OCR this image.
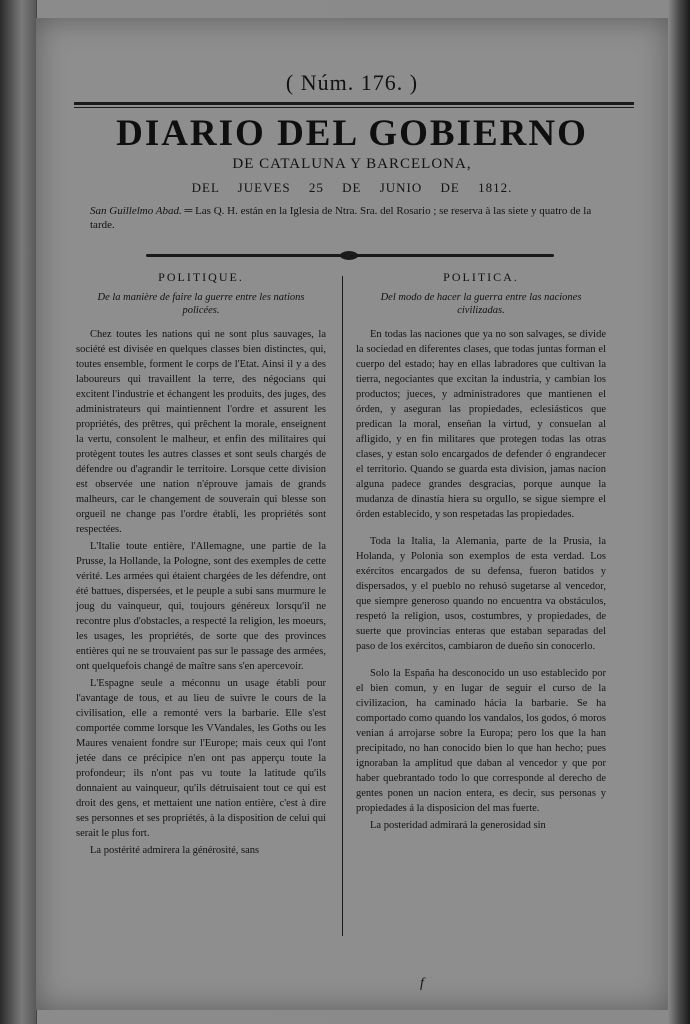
( Núm. 176. )
DIARIO DEL GOBIERNO
DE CATALUNA Y BARCELONA,
DEL JUEVES 25 DE JUNIO DE 1812.
San Guillelmo Abad. ═ Las Q. H. están en la Iglesia de Ntra. Sra. del Rosario ; se reserva à las siete y quatro de la tarde.
POLITIQUE.
De la manière de faire la guerre entre les nations policées.

Chez toutes les nations qui ne sont plus sauvages, la société est divisée en quelques classes bien distinctes, qui, toutes ensemble, forment le corps de l'Etat. Ainsi il y a des laboureurs qui travaillent la terre, des négocians qui excitent l'industrie et échangent les produits, des juges, des administrateurs qui maintiennent l'ordre et assurent les propriétés, des prêtres, qui prêchent la morale, enseignent la vertu, consolent le malheur, et enfin des militaires qui protègent toutes les autres classes et sont seuls chargés de défendre ou d'agrandir le territoire. Lorsque cette division est observée une nation n'éprouve jamais de grands malheurs, car le changement de souverain qui blesse son orgueil ne change pas l'ordre établi, les propriétés sont respectées.

L'Italie toute entière, l'Allemagne, une partie de la Prusse, la Hollande, la Pologne, sont des exemples de cette vérité. Les armées qui étaient chargées de les défendre, ont été battues, dispersées, et le peuple a subi sans murmure le joug du vainqueur, qui, toujours généreux lorsqu'il ne recontre plus d'obstacles, a respecté la religion, les moeurs, les usages, les propriétés, de sorte que des provinces entières qui ne se trouvaient pas sur le passage des armées, ont quelquefois changé de maître sans s'en apercevoir.

L'Espagne seule a méconnu un usage établi pour l'avantage de tous, et au lieu de suivre le cours de la civilisation, elle a remonté vers la barbarie. Elle s'est comportée comme lorsque les VVandales, les Goths ou les Maures venaient fondre sur l'Europe; mais ceux qui l'ont jetée dans ce précipice n'en ont pas apperçu toute la profondeur; ils n'ont pas vu toute la latitude qu'ils donnaient au vainqueur, qu'ils détruisaient tout ce qui est droit des gens, et mettaient une nation entière, c'est à dire ses personnes et ses propriétés, à la disposition de celui qui serait le plus fort.

La postérité admirera la générosité, sans

POLITICA.
Del modo de hacer la guerra entre las naciones civilizadas.

En todas las naciones que ya no son salvages, se divide la sociedad en diferentes clases, que todas juntas forman el cuerpo del estado; hay en ellas labradores que cultivan la tierra, negociantes que excitan la industria, y cambian los productos; jueces, y administradores que mantienen el órden, y aseguran las propiedades, eclesiásticos que predican la moral, enseñan la virtud, y consuelan al afligido, y en fin militares que protegen todas las otras clases, y estan solo encargados de defender ó engrandecer el territorio. Quando se guarda esta division, jamas nacion alguna padece grandes desgracias, porque aunque la mudanza de dinastía hiera su orgullo, se sigue siempre el órden establecido, y son respetadas las propiedades.

Toda la Italia, la Alemania, parte de la Prusia, la Holanda, y Polonia son exemplos de esta verdad. Los exércitos encargados de su defensa, fueron batidos y dispersados, y el pueblo no rehusó sugetarse al vencedor, que siempre generoso quando no encuentra va obstáculos, respetó la religion, usos, costumbres, y propiedades, de suerte que provincias enteras que estaban separadas del paso de los exércitos, cambiaron de dueño sin conocerlo.

Solo la España ha desconocido un uso establecido por el bien comun, y en lugar de seguir el curso de la civilizacion, ha caminado hácia la barbarie. Se ha comportado como quando los vandalos, los godos, ó moros venian á arrojarse sobre la Europa; pero los que la han precipitado, no han conocido bien lo que han hecho; pues ignoraban la amplitud que daban al vencedor y que por haber quebrantado todo lo que corresponde al derecho de gentes ponen un nacion entera, es decir, sus personas y propiedades á la disposicion del mas fuerte.

La posteridad admirará la generosidad sin

f
